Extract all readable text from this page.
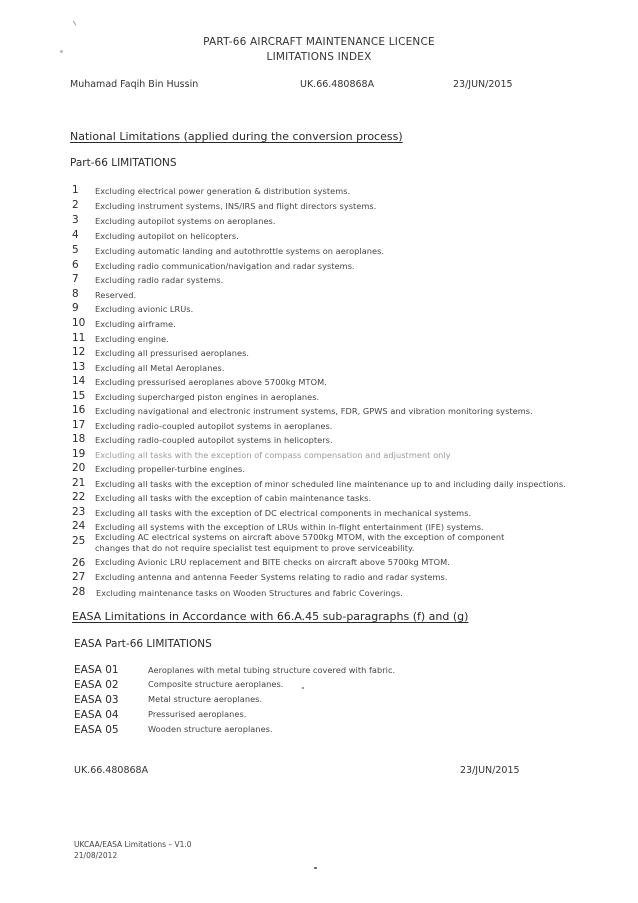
PART-66 AIRCRAFT MAINTENANCE LICENCE
LIMITATIONS INDEX
Muhamad Faqih Bin Hussin	UK.66.480868A	23/JUN/2015
National Limitations (applied during the conversion process)
Part-66 LIMITATIONS
1 Excluding electrical power generation & distribution systems.
2 Excluding instrument systems, INS/IRS and flight directors systems.
3 Excluding autopilot systems on aeroplanes.
4 Excluding autopilot on helicopters.
5 Excluding automatic landing and autothrottle systems on aeroplanes.
6 Excluding radio communication/navigation and radar systems.
7 Excluding radio radar systems.
8 Reserved.
9 Excluding avionic LRUs.
10 Excluding airframe.
11 Excluding engine.
12 Excluding all pressurised aeroplanes.
13 Excluding all Metal Aeroplanes.
14 Excluding pressurised aeroplanes above 5700kg MTOM.
15 Excluding supercharged piston engines in aeroplanes.
16 Excluding navigational and electronic instrument systems, FDR, GPWS and vibration monitoring systems.
17 Excluding radio-coupled autopilot systems in aeroplanes.
18 Excluding radio-coupled autopilot systems in helicopters.
19 Excluding all tasks with the exception of compass compensation and adjustment only
20 Excluding propeller-turbine engines.
21 Excluding all tasks with the exception of minor scheduled line maintenance up to and including daily inspections.
22 Excluding all tasks with the exception of cabin maintenance tasks.
23 Excluding all tasks with the exception of DC electrical components in mechanical systems.
24 Excluding all systems with the exception of LRUs within in-flight entertainment (IFE) systems.
25 Excluding AC electrical systems on aircraft above 5700kg MTOM, with the exception of component changes that do not require specialist test equipment to prove serviceability.
26 Excluding Avionic LRU replacement and BITE checks on aircraft above 5700kg MTOM.
27 Excluding antenna and antenna Feeder Systems relating to radio and radar systems.
28 Excluding maintenance tasks on Wooden Structures and fabric Coverings.
EASA Limitations in Accordance with 66.A.45 sub-paragraphs (f) and (g)
EASA Part-66 LIMITATIONS
EASA 01	Aeroplanes with metal tubing structure covered with fabric.
EASA 02	Composite structure aeroplanes.
EASA 03	Metal structure aeroplanes.
EASA 04	Pressurised aeroplanes.
EASA 05	Wooden structure aeroplanes.
UK.66.480868A	23/JUN/2015
UKCAA/EASA Limitations – V1.0
21/08/2012
